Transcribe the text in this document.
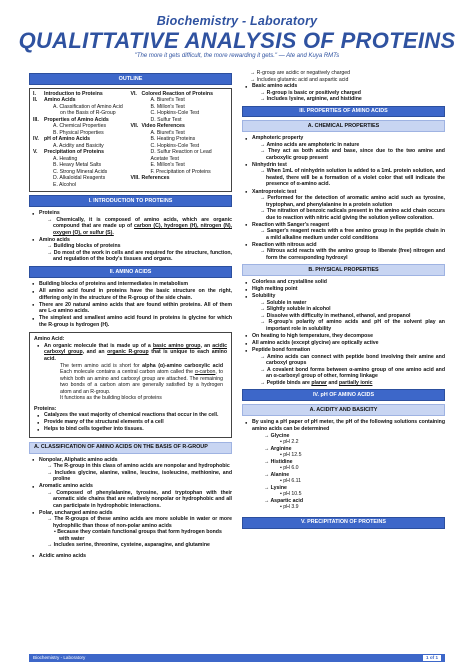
Biochemistry - Laboratory
QUALITTATIVE ANALYSIS OF PROTEINS
"The more it gets difficult, the more rewarding it gets." — Ate and Kuya RMTs
OUTLINE
I.	Introduction to Proteins
II.	Amino Acids
A. Classification of Amino Acid
on the Basis of R-Group
III.	Properties of Amino Acids
A. Chemical Properties
B. Physical Properties
IV. pH of Amino Acids
A. Acidity and Basicity
V.	Precipitation of Proteins
A. Heating
B. Heavy Metal Salts
C. Strong Mineral Acids
D. Alkaloidal Reagents
E. Alcohol
VI. Colored Reaction of Proteins
A. Biuret's Test
B. Millon's Test
C. Hopkins-Cole Test
D. Sulfur Test
VII. Video References
A. Biuret's Test
B. Heating Proteins
C. Hopkins-Cole Test
D. Sulfur Reaction or Lead Acetate Test
E. Millon's Test
F. Precipitation of Proteins
VIII. References
I. INTRODUCTION TO PROTEINS
● Proteins
→ Chemically, it is composed of amino acids, which are organic compound that are made up of carbon (C), hydrogen (H), nitrogen (N), oxygen (O), or sulfur (S).
● Amino acids
→ Building blocks of proteins
→ Do most of the work in cells and are required for the structure, function, and regulation of the body's tissues and organs.
II. AMINO ACIDS
● Building blocks of proteins and intermediates in metabolism
● All amino acid found in proteins have the basic structure on the right, differing only in the structure of the R-group of the side chain.
● There are 20 natural amino acids that are found within proteins. All of them are L-α amino acids.
● The simplest and smallest amino acid found in proteins is glycine for which the R-group is hydrogen (H).
Amino Acid:
● An organic molecule that is made up of a basic amino group, an acidic carboxyl group, and an organic R-group that is unique to each amino acid.
The term amino acid is short for alpha (α)-amino carboxylic acid Each molecule contains a central carbon atom called the α-carbon, to which both an amino and carboxyl group are attached. The remaining two bonds of a carbon atom are generally satisfied by a hydrogen atom and an R-group.
It functions as the building blocks of proteins
Proteins:
● Catalyzes the vast majority of chemical reactions that occur in the cell.
● Provide many of the structural elements of a cell
● Helps to bind cells together into tissues.
A. CLASSIFICATION OF AMINO ACIDS ON THE BASIS OF R-GROUP
● Nonpolar, Aliphatic amino acids
→ The R-group in this class of amino acids are nonpolar and hydrophobic
→ Includes glycine, alanine, valine, leucine, isoleucine, methionine, and proline
● Aromatic amino acids
→ Composed of phenylalanine, tyrosine, and tryptophan with their aromatic side chains that are relatively nonpolar or hydrophobic and all can participate in hydrophobic interactions.
● Polar, uncharged amino acids
→ The R-groups of these amino acids are more soluble in water or more hydrophilic than those of non-polar amino acids
▪ Because they contain functional groups that form hydrogen bonds with water
→ Includes serine, threonine, cysteine, asparagine, and glutamine
● Acidic amino acids
→ R-group are acidic or negatively charged
→ Includes glutamic acid and aspartic acid
● Basic amino acids
→ R-group is basic or positively charged
→ Includes lysine, arginine, and histidine
III. PROPERTIES OF AMINO ACIDS
A. CHEMICAL PROPERTIES
● Amphoteric property
→ Amino acids are amphoteric in nature
→ They act as both acids and base, since due to the two amine and carboxylic group present
● Ninhydrin test
→ When 1mL of ninhydrin solution is added to a 1mL protein solution, and heated, there will be a formation of a violet color that will indicate the presence of α-amino acid.
● Xantroproteic test
→ Performed for the detection of aromatic amino acid such as tyrosine, tryptophan, and phenylalanine in a protein solution
→ The nitration of benzoic radicals present in the amino acid chain occurs due to reaction with nitric acid giving the solution yellow coloration.
● Reaction with Sanger's reagent
→ Sanger's reagent reacts with a free amino group in the peptide chain in a mild alkaline medium under cold conditions
● Reaction with nitrous acid
→ Nitrous acid reacts with the amino group to liberate (free) nitrogen and form the corresponding hydroxyl
B. PHYSICAL PROPERTIES
● Colorless and crystalline solid
● High melting point
● Solubility
→ Soluble in water
→ Slightly soluble in alcohol
→ Dissolve with difficulty in methanol, ethanol, and propanol
→ R-group's polarity of amino acids and pH of the solvent play an important role in solubility
● On heating to high temperature, they decompose
● All amino acids (except glycine) are optically active
● Peptide bond formation
→ Amino acids can connect with peptide bond involving their amine and carboxyl groups
→ A covalent bond forms between α-amino group of one amino acid and an α-carboxyl group of other, forming linkage
→ Peptide binds are planar and partially ionic
IV. pH OF AMINO ACIDS
A. ACIDITY AND BASICITY
● By using a pH paper of pH meter, the pH of the following solutions containing amino acids can be determined
→ Glycine
▪ pH 2.2
→ Arginine
▪ pH 12.5
→ Histidine
▪ pH 6.0
→ Alanine
▪ pH 6.11
→ Lysine
▪ pH 10.5
→ Aspartic acid
▪ pH 3.9
V. PRECIPITATION OF PROTEINS
Biochemistry - Laboratory	1 of 1
